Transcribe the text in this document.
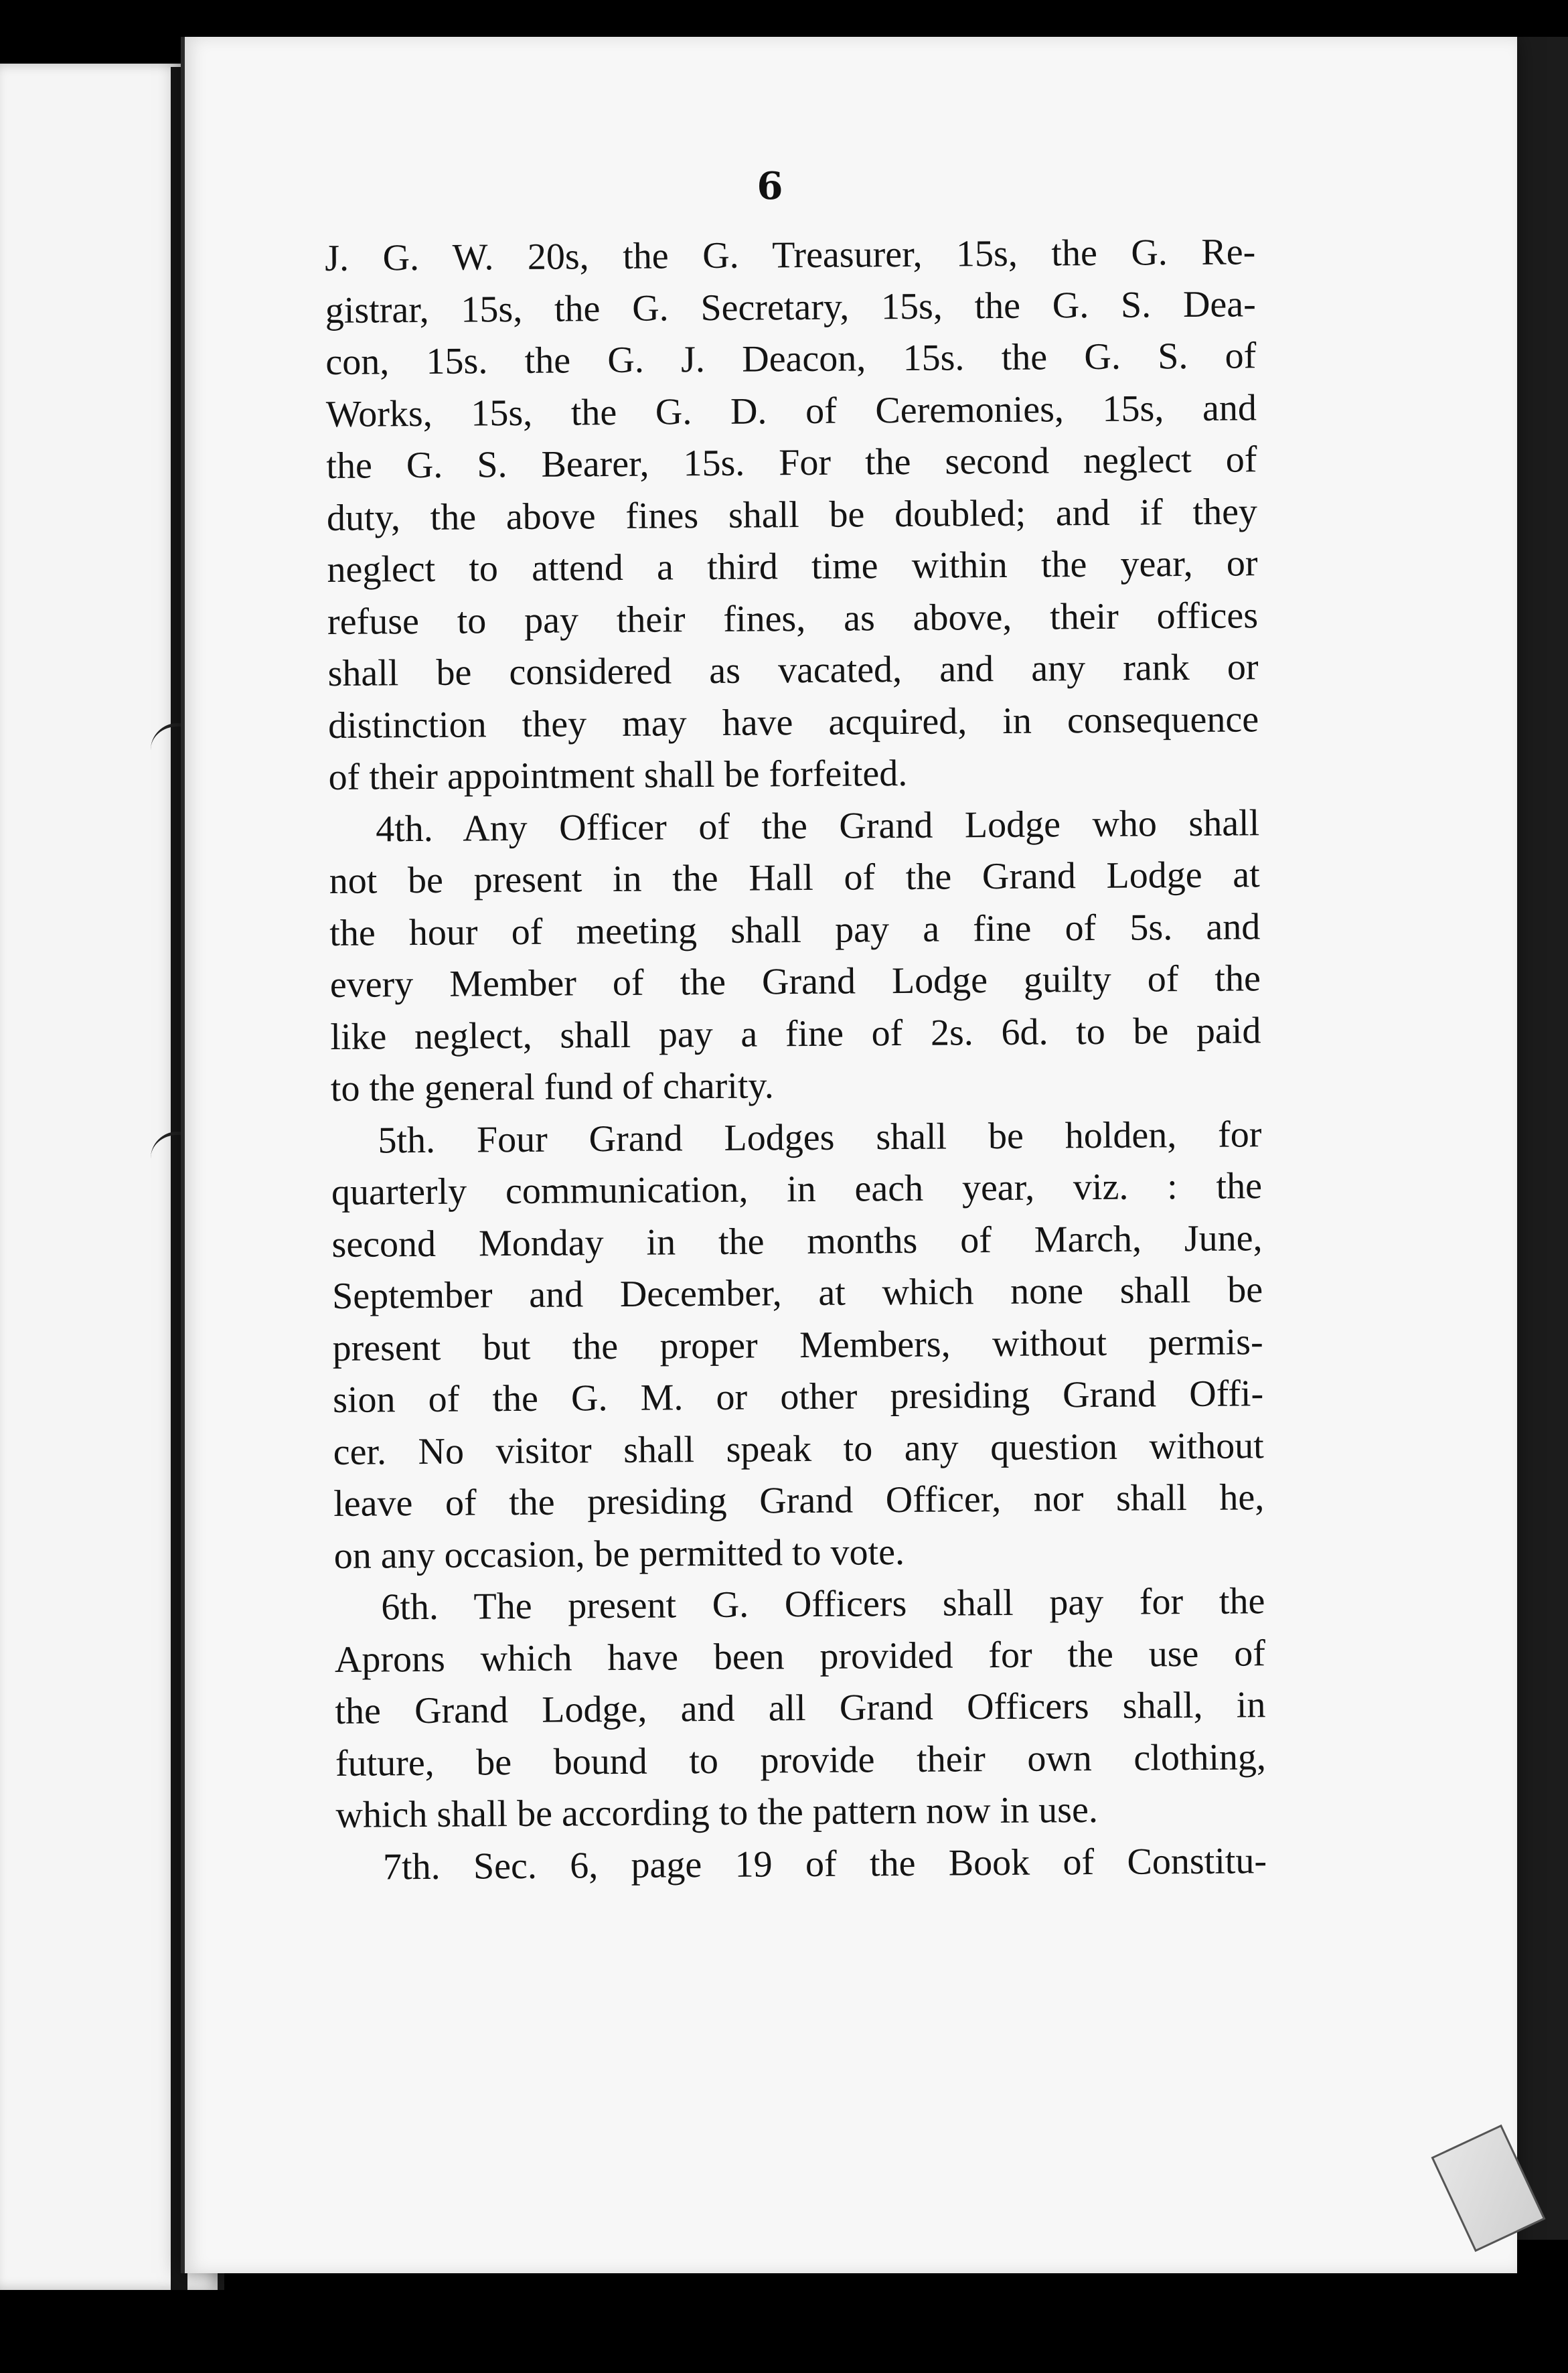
6
J. G. W. 20s, the G. Treasurer, 15s, the G. Re-
gistrar, 15s, the G. Secretary, 15s, the G. S. Dea-
con, 15s. the G. J. Deacon, 15s. the G. S. of
Works, 15s, the G. D. of Ceremonies, 15s, and
the G. S. Bearer, 15s. For the second neglect of
duty, the above fines shall be doubled; and if they
neglect to attend a third time within the year, or
refuse to pay their fines, as above, their offices
shall be considered as vacated, and any rank or
distinction they may have acquired, in consequence
of their appointment shall be forfeited.
4th. Any Officer of the Grand Lodge who shall
not be present in the Hall of the Grand Lodge at
the hour of meeting shall pay a fine of 5s. and
every Member of the Grand Lodge guilty of the
like neglect, shall pay a fine of 2s. 6d. to be paid
to the general fund of charity.
5th. Four Grand Lodges shall be holden, for
quarterly communication, in each year, viz. : the
second Monday in the months of March, June,
September and December, at which none shall be
present but the proper Members, without permis-
sion of the G. M. or other presiding Grand Offi-
cer. No visitor shall speak to any question without
leave of the presiding Grand Officer, nor shall he,
on any occasion, be permitted to vote.
6th. The present G. Officers shall pay for the
Aprons which have been provided for the use of
the Grand Lodge, and all Grand Officers shall, in
future, be bound to provide their own clothing,
which shall be according to the pattern now in use.
7th. Sec. 6, page 19 of the Book of Constitu-
